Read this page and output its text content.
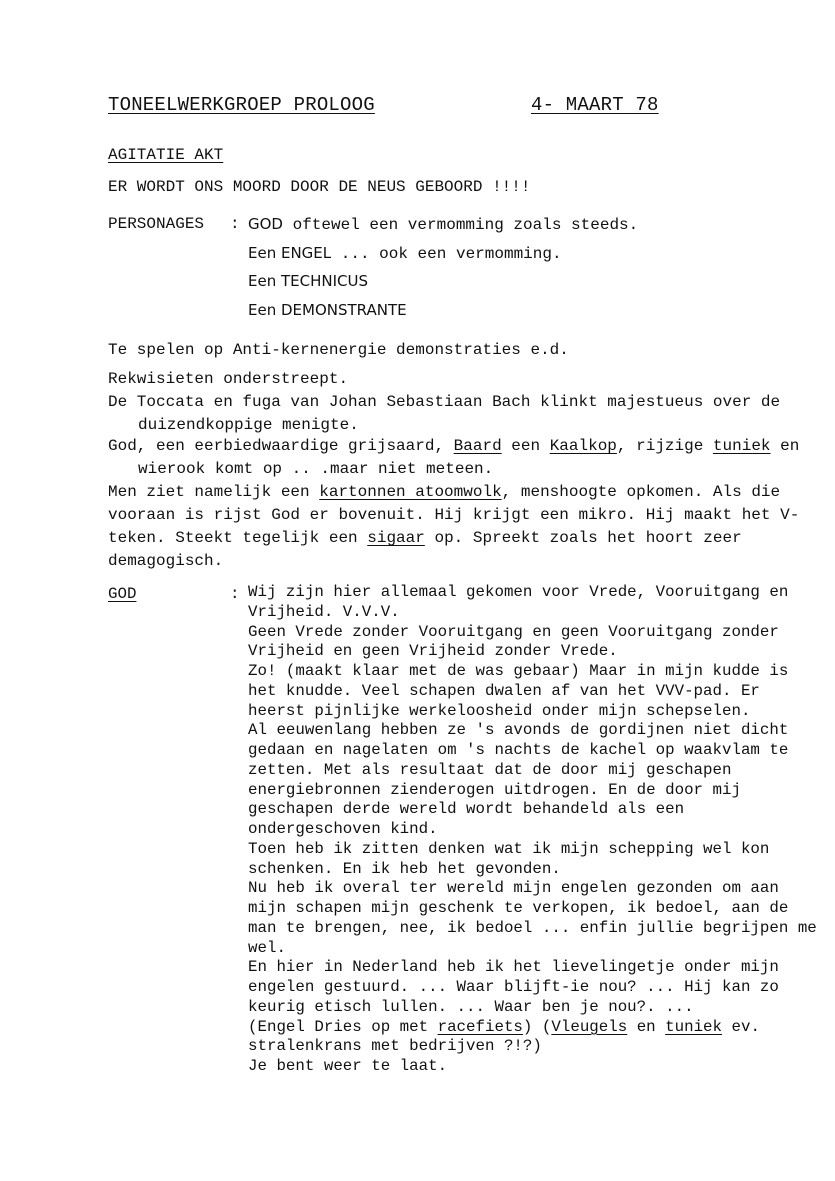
TONEELWERKGROEP PROLOOG	4- MAART 78
AGITATIE AKT
ER WORDT ONS MOORD DOOR DE NEUS GEBOORD !!!!
PERSONAGES : GOD oftewel een vermomming zoals steeds.
Een ENGEL ... ook een vermomming.
Een TECHNICUS
Een DEMONSTRANTE
Te spelen op Anti-kernenergie demonstraties e.d.
Rekwisieten onderstreept.
De Toccata en fuga van Johan Sebastiaan Bach klinkt majestueus over de
duizendkoppige menigte.
God, een eerbiedwaardige grijsaard, Baard een Kaalkop, rijzige tuniek en
wierook komt op .. .maar niet meteen.
Men ziet namelijk een kartonnen atoomwolk, menshoogte opkomen. Als die
vooraan is rijst God er bovenuit. Hij krijgt een mikro. Hij maakt het V-
teken. Steekt tegelijk een sigaar op. Spreekt zoals het hoort zeer
demagogisch.
GOD	: Wij zijn hier allemaal gekomen voor Vrede, Vooruitgang en
Vrijheid. V.V.V.
Geen Vrede zonder Vooruitgang en geen Vooruitgang zonder
Vrijheid en geen Vrijheid zonder Vrede.
Zo! (maakt klaar met de was gebaar) Maar in mijn kudde is
het knudde. Veel schapen dwalen af van het VVV-pad. Er
heerst pijnlijke werkeloosheid onder mijn schepselen.
Al eeuwenlang hebben ze 's avonds de gordijnen niet dicht
gedaan en nagelaten om 's nachts de kachel op waakvlam te
zetten. Met als resultaat dat de door mij geschapen
energiebronnen zienderogen uitdrogen. En de door mij
geschapen derde wereld wordt behandeld als een
ondergeschoven kind.
Toen heb ik zitten denken wat ik mijn schepping wel kon
schenken. En ik heb het gevonden.
Nu heb ik overal ter wereld mijn engelen gezonden om aan
mijn schapen mijn geschenk te verkopen, ik bedoel, aan de
man te brengen, nee, ik bedoel ... enfin jullie begrijpen me
wel.
En hier in Nederland heb ik het lievelingetje onder mijn
engelen gestuurd. ... Waar blijft-ie nou? ... Hij kan zo
keurig etisch lullen. ... Waar ben je nou?. ...
(Engel Dries op met racefiets) (Vleugels en tuniek ev.
stralenkrans met bedrijven ?!?)
Je bent weer te laat.
